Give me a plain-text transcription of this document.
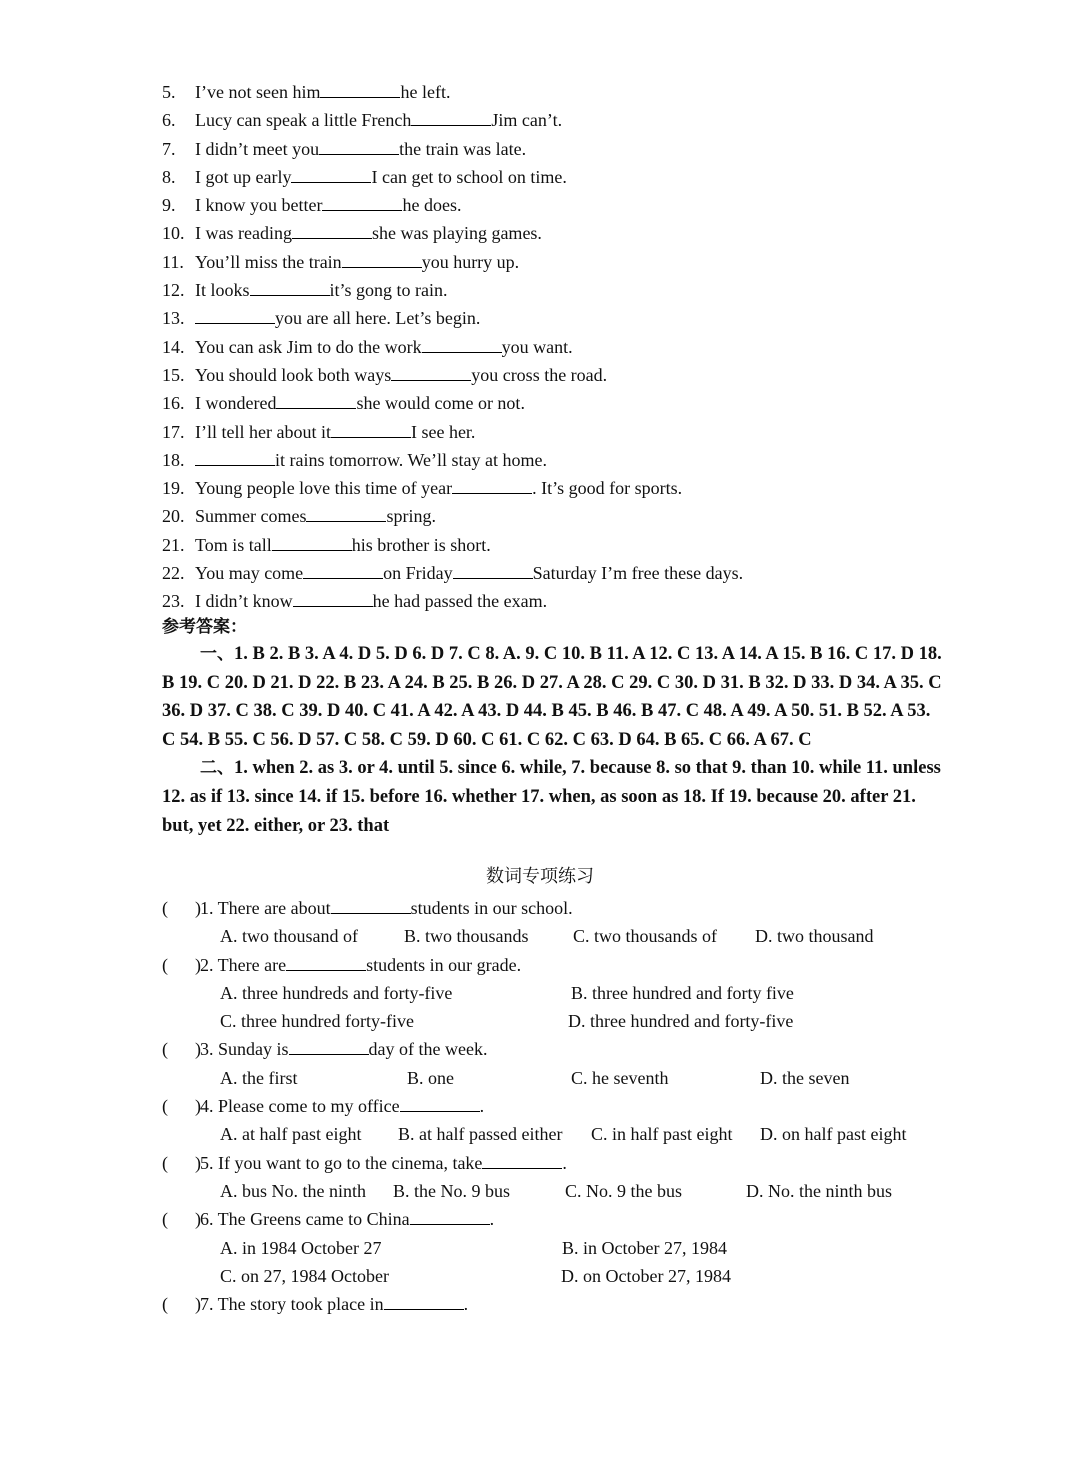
5.	I’ve not seen him	he left.
6.	Lucy can speak a little French	Jim can’t.
7.	I didn’t meet you	the train was late.
8.	I got up early	I can get to school on time.
9.	I know you better	he does.
10. I was reading	she was playing games.
11. You’ll miss the train	you hurry up.
12. It looks	it’s gong to rain.
13.	you are all here. Let’s begin.
14. You can ask Jim to do the work	you want.
15. You should look both ways	you cross the road.
16. I wondered	she would come or not.
17. I’ll tell her about it	I see her.
18.	it rains tomorrow. We’ll stay at home.
19. Young people love this time of year	. It’s good for sports.
20. Summer comes	spring.
21. Tom is tall	his brother is short.
22. You may come	on Friday	Saturday I’m free these days.
23. I didn’t know	he had passed the exam.
参考答案：

一、1. B 2. B 3. A 4. D 5. D 6. D 7. C 8. A. 9. C 10. B 11. A 12. C 13. A 14. A 15. B 16. C 17. D 18. B 19. C 20. D 21. D 22. B 23. A 24. B 25. B 26. D 27. A 28. C 29. C 30. D 31. B 32. D 33. D 34. A 35. C 36. D 37. C 38. C 39. D 40. C 41. A 42. A 43. D 44. B 45. B 46. B 47. C 48. A 49. A 50. 51. B 52. A 53. C 54. B 55. C 56. D 57. C 58. C 59. D 60. C 61. C 62. C 63. D 64. B 65. C 66. A 67. C

二、1. when 2. as 3. or 4. until 5. since 6. while, 7. because 8. so that 9. than 10. while 11. unless 12. as if 13. since 14. if 15. before 16. whether 17. when, as soon as 18. If 19. because 20. after 21. but, yet 22. either, or 23. that

数词专项练习
(      )1. There are about	students in our school.
A. two thousand of	B. two thousands C. two thousands of D. two thousand
(      )2. There are	students in our grade.
A. three hundreds and forty-five	B. three hundred and forty five
C. three hundred forty-five	D. three hundred and forty-five
(      )3. Sunday is	day of the week.
A. the first	B. one	C. he seventh	D. the seven
(      )4. Please come to my office	.
A. at half past eight B. at half passed either C. in half past eight D. on half past eight
(      )5. If you want to go to the cinema, take	.
A. bus No. the ninth B. the No. 9 bus	C. No. 9 the bus	D. No. the ninth bus
(      )6. The Greens came to China	.
A. in 1984 October 27	B. in October 27, 1984
C. on 27, 1984 October	D. on October 27, 1984
(      )7. The story took place in	.
